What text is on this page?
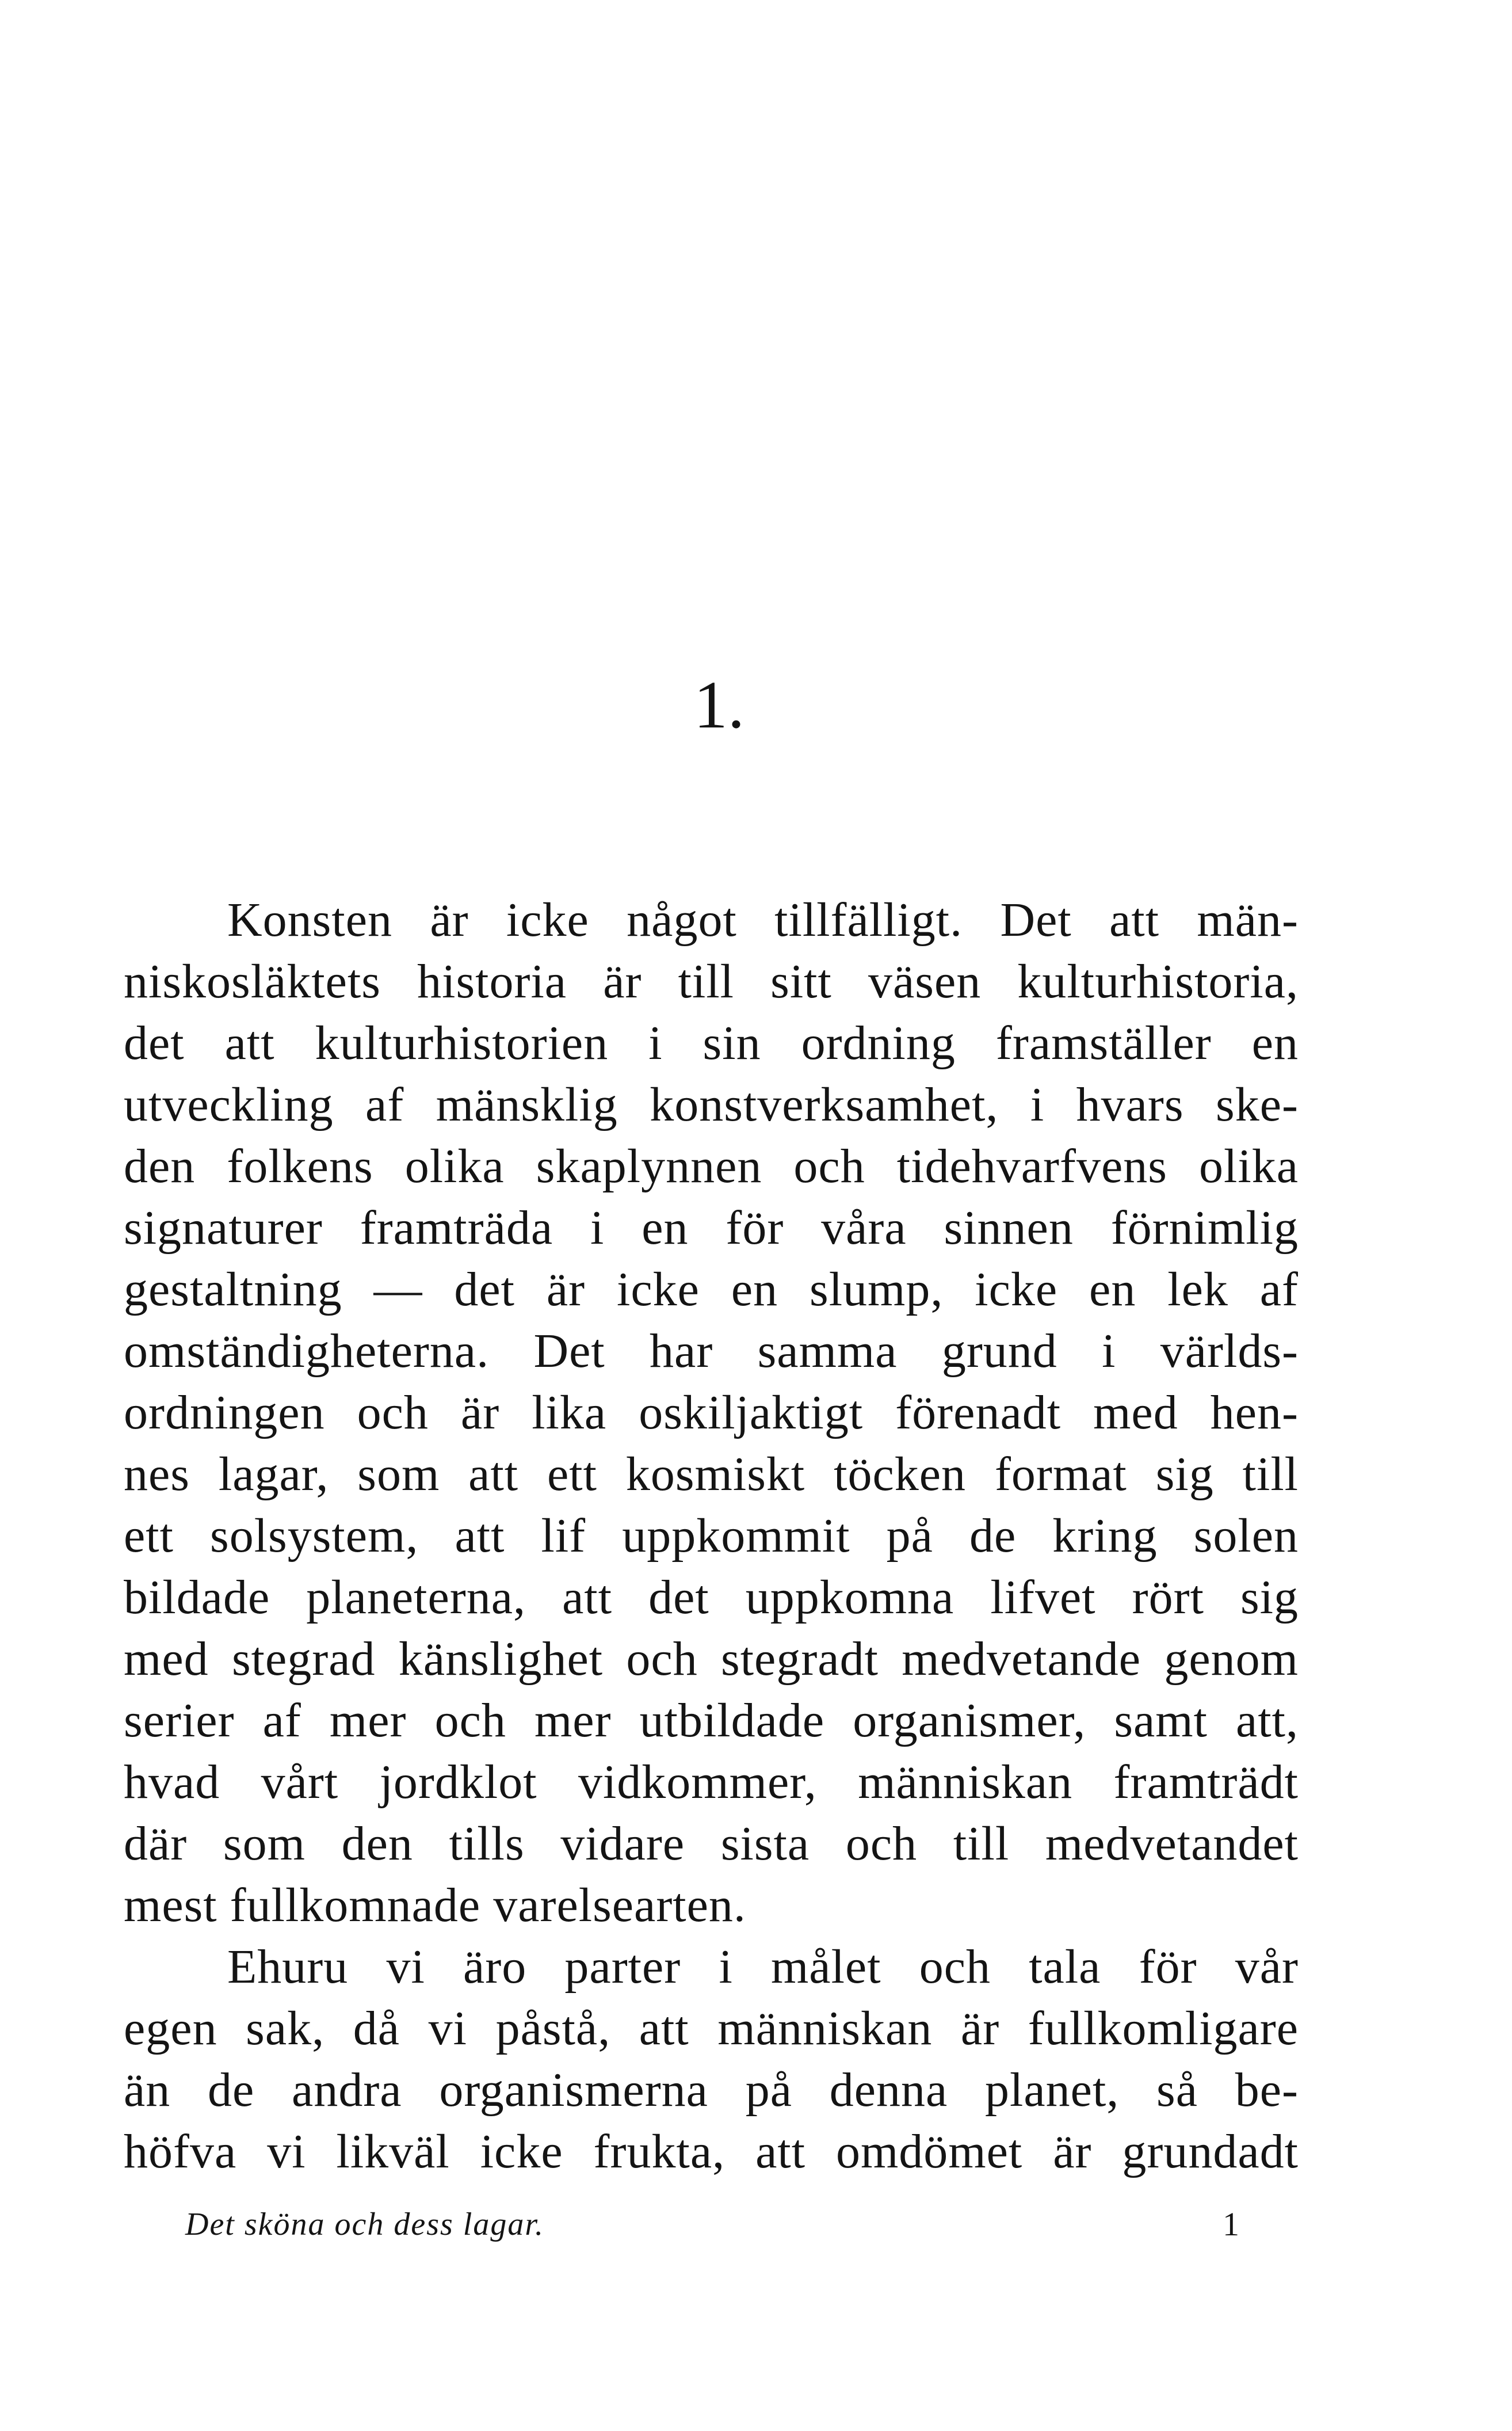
1.
Konsten är icke något tillfälligt. Det att män-
niskosläktets historia är till sitt väsen kulturhistoria,
det att kulturhistorien i sin ordning framställer en
utveckling af mänsklig konstverksamhet, i hvars ske-
den folkens olika skaplynnen och tidehvarfvens olika
signaturer framträda i en för våra sinnen förnimlig
gestaltning — det är icke en slump, icke en lek af
omständigheterna. Det har samma grund i världs-
ordningen och är lika oskiljaktigt förenadt med hen-
nes lagar, som att ett kosmiskt töcken format sig till
ett solsystem, att lif uppkommit på de kring solen
bildade planeterna, att det uppkomna lifvet rört sig
med stegrad känslighet och stegradt medvetande genom
serier af mer och mer utbildade organismer, samt att,
hvad vårt jordklot vidkommer, människan framträdt
där som den tills vidare sista och till medvetandet
mest fullkomnade varelsearten.
Ehuru vi äro parter i målet och tala för vår
egen sak, då vi påstå, att människan är fullkomligare
än de andra organismerna på denna planet, så be-
höfva vi likväl icke frukta, att omdömet är grundadt
Det sköna och dess lagar.	1
